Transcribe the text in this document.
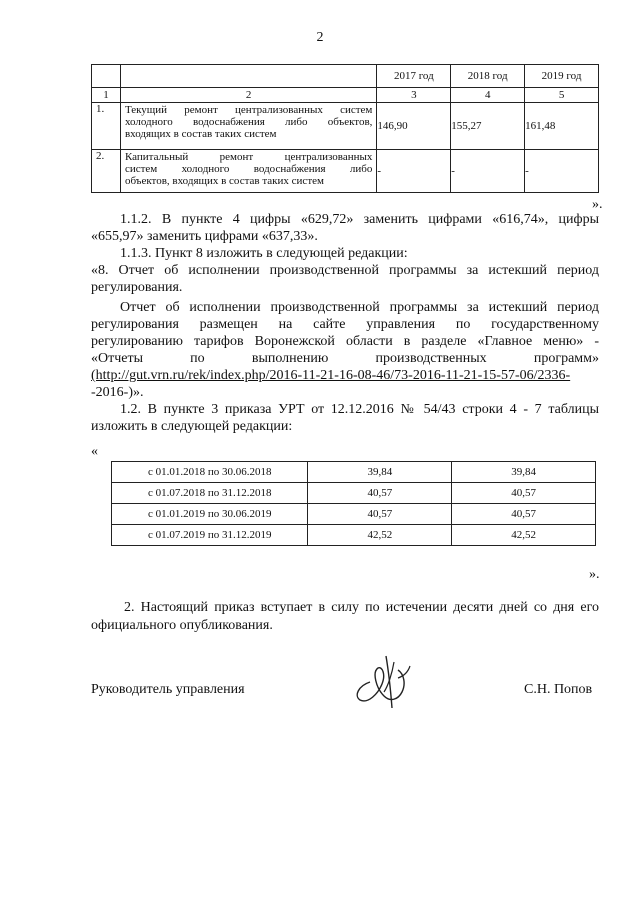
2
		2017 год	2018 год	2019 год
1	2	3	4	5
1.	Текущий ремонт централизованных систем
холодного водоснабжения либо объектов,
входящих в состав таких систем	146,90	155,27	161,48
2.	Капитальный ремонт централизованных
систем холодного водоснабжения либо
объектов, входящих в состав таких систем	-	-	-
».
1.1.2. В пункте 4 цифры «629,72» заменить цифрами «616,74», цифры
«655,97» заменить цифрами «637,33».
1.1.3. Пункт 8 изложить в следующей редакции:
«8. Отчет об исполнении производственной программы за истекший период
регулирования.
Отчет об исполнении производственной программы за истекший период
регулирования размещен на сайте управления по государственному
регулированию тарифов Воронежской области в разделе «Главное меню» -
«Отчеты по выполнению производственных программ»
(http://gut.vrn.ru/rek/index.php/2016-11-21-16-08-46/73-2016-11-21-15-57-06/2336-
-2016-)».
1.2. В пункте 3 приказа УРТ от 12.12.2016 № 54/43 строки 4 - 7 таблицы
изложить в следующей редакции:
«
с 01.01.2018 по 30.06.2018	39,84	39,84
с 01.07.2018 по 31.12.2018	40,57	40,57
с 01.01.2019 по 30.06.2019	40,57	40,57
с 01.07.2019 по 31.12.2019	42,52	42,52
».
2. Настоящий приказ вступает в силу по истечении десяти дней со дня его
официального опубликования.
Руководитель управления	С.Н. Попов
